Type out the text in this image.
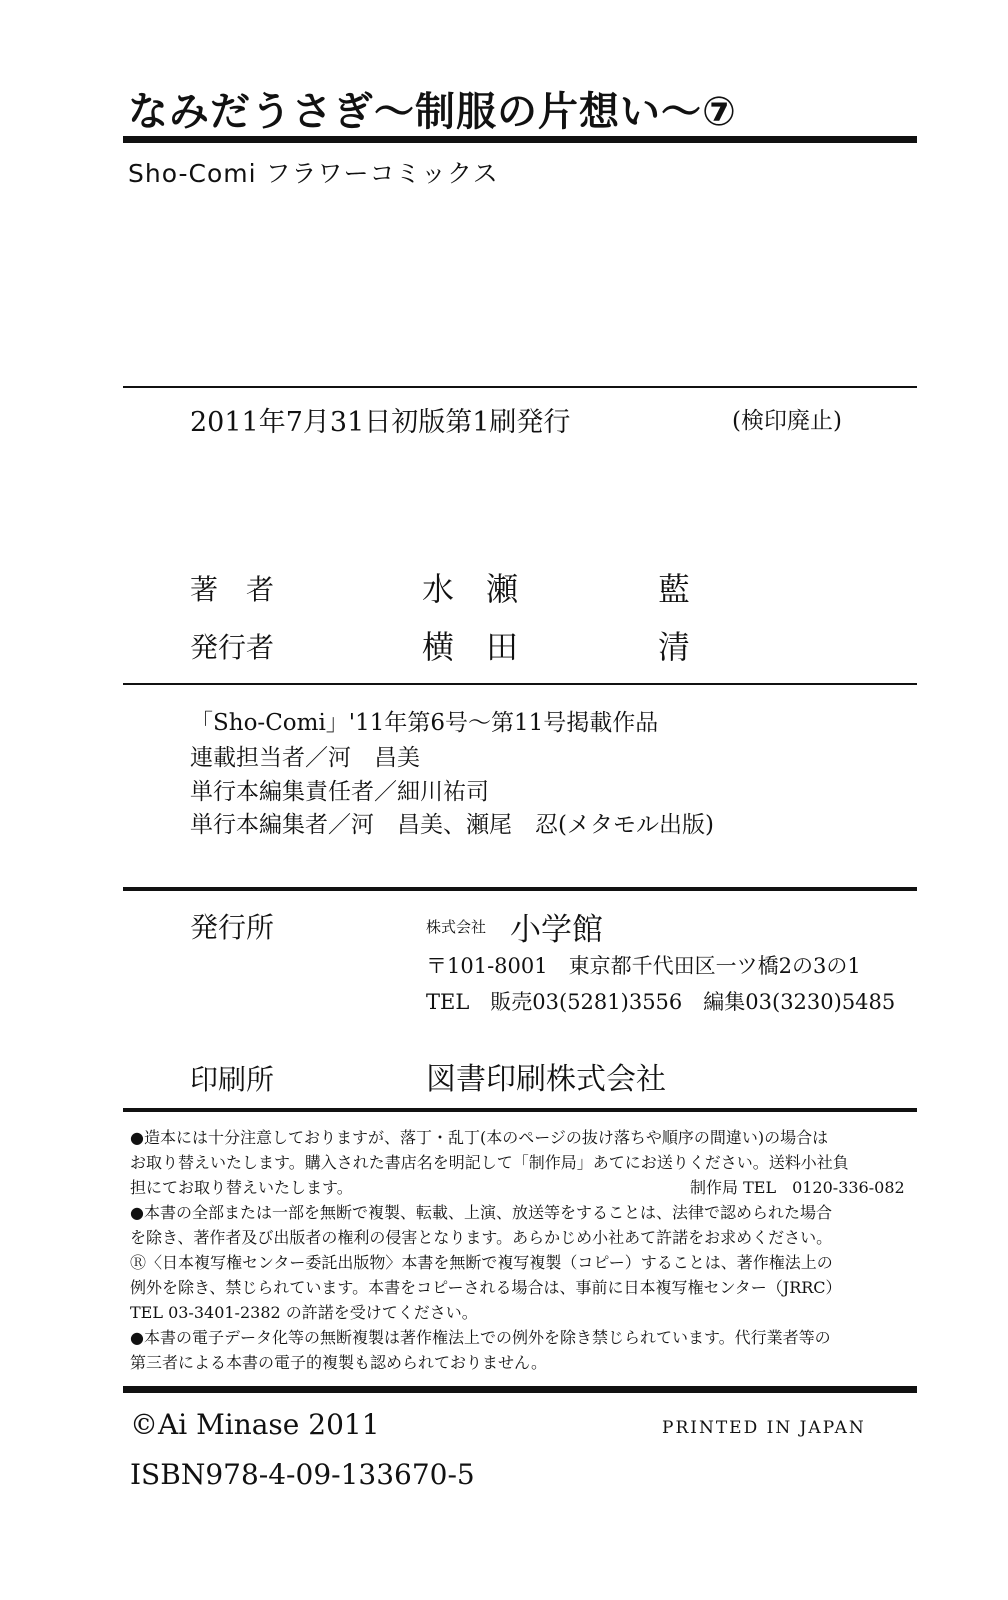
なみだうさぎ〜制服の片想い〜⑦
Sho-Comi フラワーコミックス
2011年7月31日初版第1刷発行	(検印廃止)
著　者	水　瀬	藍
発行者	横　田	清
「Sho-Comi」'11年第6号〜第11号掲載作品
連載担当者／河　昌美
単行本編集責任者／細川祐司
単行本編集者／河　昌美、瀬尾　忍(メタモル出版)
発行所	株式会社 小学館
〒101-8001　東京都千代田区一ツ橋2の3の1
TEL　販売03(5281)3556　編集03(3230)5485
印刷所	図書印刷株式会社
●造本には十分注意しておりますが、落丁・乱丁(本のページの抜け落ちや順序の間違い)の場合は
お取り替えいたします。購入された書店名を明記して「制作局」あてにお送りください。送料小社負
担にてお取り替えいたします。	制作局 TEL　0120-336-082
●本書の全部または一部を無断で複製、転載、上演、放送等をすることは、法律で認められた場合
を除き、著作者及び出版者の権利の侵害となります。あらかじめ小社あて許諾をお求めください。
Ⓡ〈日本複写権センター委託出版物〉本書を無断で複写複製（コピー）することは、著作権法上の
例外を除き、禁じられています。本書をコピーされる場合は、事前に日本複写権センター（JRRC）
TEL 03-3401-2382 の許諾を受けてください。
●本書の電子データ化等の無断複製は著作権法上での例外を除き禁じられています。代行業者等の
第三者による本書の電子的複製も認められておりません。
©Ai Minase 2011	PRINTED IN JAPAN
ISBN978-4-09-133670-5
